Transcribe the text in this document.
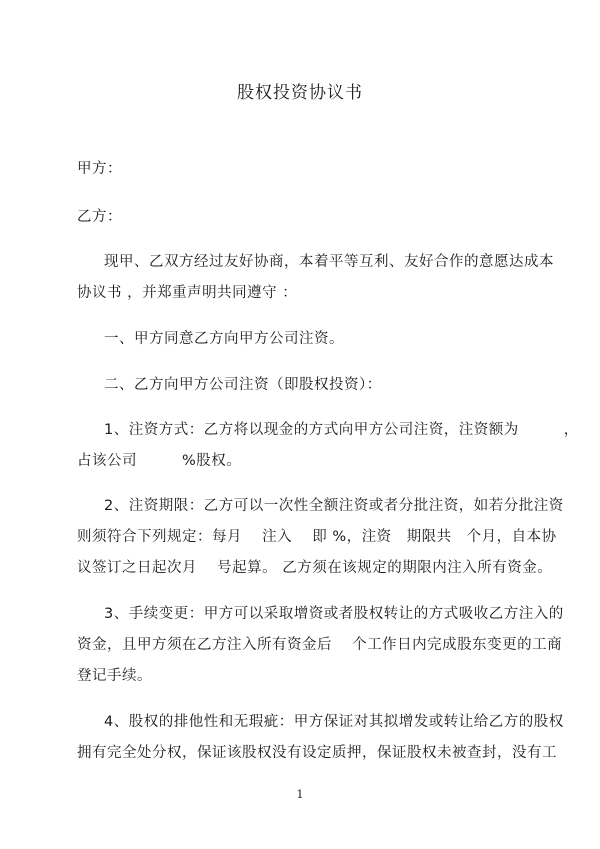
股权投资协议书
甲方：
乙方：
现甲、乙双方经过友好协商，本着平等互利、友好合作的意愿达成本
协议书 ，并郑重声明共同遵守 ：
一、甲方同意乙方向甲方公司注资。
二、乙方向甲方公司注资（即股权投资）：
1、注资方式：乙方将以现金的方式向甲方公司注资，注资额为　　　，
占该公司　　　%股权。
2、注资期限：乙方可以一次性全额注资或者分批注资，如若分批注资
则须符合下列规定：每月　 注入　 即 %，注资　期限共　个月，自本协
议签订之日起次月　 号起算。 乙方须在该规定的期限内注入所有资金。
3、手续变更：甲方可以采取增资或者股权转让的方式吸收乙方注入的
资金，且甲方须在乙方注入所有资金后　 个工作日内完成股东变更的工商
登记手续。
4、股权的排他性和无瑕疵：甲方保证对其拟增发或转让给乙方的股权
拥有完全处分权，保证该股权没有设定质押，保证股权未被查封，没有工
1
